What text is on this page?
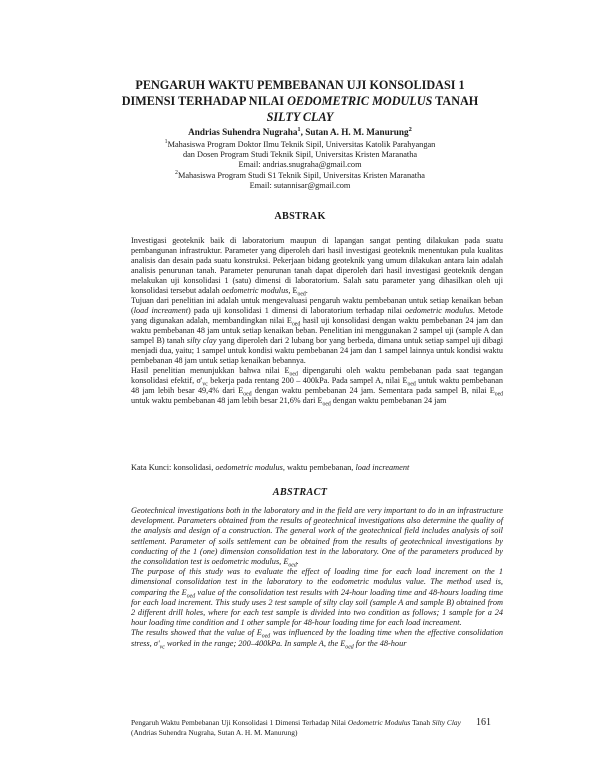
PENGARUH WAKTU PEMBEBANAN UJI KONSOLIDASI 1
DIMENSI TERHADAP NILAI OEDOMETRIC MODULUS TANAH
SILTY CLAY
Andrias Suhendra Nugraha$^1$, Sutan A. H. M. Manurung$^2$
$^1$Mahasiswa Program Doktor Ilmu Teknik Sipil, Universitas Katolik Parahyangan
dan Dosen Program Studi Teknik Sipil, Universitas Kristen Maranatha
Email: andrias.snugraha@gmail.com
$^2$Mahasiswa Program Studi S1 Teknik Sipil, Universitas Kristen Maranatha
Email: sutannisar@gmail.com
ABSTRAK

Investigasi geoteknik baik di laboratorium maupun di lapangan sangat penting dilakukan pada suatu pembangunan infrastruktur. Parameter yang diperoleh dari hasil investigasi geoteknik menentukan pula kualitas analisis dan desain pada suatu konstruksi. Pekerjaan bidang geoteknik yang umum dilakukan antara lain adalah analisis penurunan tanah. Parameter penurunan tanah dapat diperoleh dari hasil investigasi geoteknik dengan melakukan uji konsolidasi 1 (satu) dimensi di laboratorium. Salah satu parameter yang dihasilkan oleh uji konsolidasi tersebut adalah oedometric modulus, $E_{oed}$.

Tujuan dari penelitian ini adalah untuk mengevaluasi pengaruh waktu pembebanan untuk setiap kenaikan beban (load increament) pada uji konsolidasi 1 dimensi di laboratorium terhadap nilai oedometric modulus. Metode yang digunakan adalah, membandingkan nilai $E_{oed}$ hasil uji konsolidasi dengan waktu pembebanan 24 jam dan waktu pembebanan 48 jam untuk setiap kenaikan beban. Penelitian ini menggunakan 2 sampel uji (sample A dan sampel B) tanah silty clay yang diperoleh dari 2 lubang bor yang berbeda, dimana untuk setiap sampel uji dibagi menjadi dua, yaitu; 1 sampel untuk kondisi waktu pembebanan 24 jam dan 1 sampel lainnya untuk kondisi waktu pembebanan 48 jam untuk setiap kenaikan bebannya.

Hasil penelitian menunjukkan bahwa nilai $E_{oed}$ dipengaruhi oleh waktu pembebanan pada saat tegangan konsolidasi efektif, $\sigma'_{vc}$ bekerja pada rentang 200 – 400kPa. Pada sampel A, nilai $E_{oed}$ untuk waktu pembebanan 48 jam lebih besar 49,4% dari $E_{oed}$ dengan waktu pembebanan 24 jam. Sementara pada sampel B, nilai $E_{oed}$ untuk waktu pembebanan 48 jam lebih besar 21,6% dari $E_{oed}$ dengan waktu pembebanan 24 jam

Kata Kunci: konsolidasi, oedometric modulus, waktu pembebanan, load increament
ABSTRACT

Geotechnical investigations both in the laboratory and in the field are very important to do in an infrastructure development. Parameters obtained from the results of geotechnical investigations also determine the quality of the analysis and design of a construction. The general work of the geotechnical field includes analysis of soil settlement. Parameter of soils settlement can be obtained from the results of geotechnical investigations by conducting of the 1 (one) dimension consolidation test in the laboratory. One of the parameters produced by the consolidation test is oedometric modulus, $E_{oed}$.

The purpose of this study was to evaluate the effect of loading time for each load increment on the 1 dimensional consolidation test in the laboratory to the eodometric modulus value. The method used is, comparing the $E_{oed}$ value of the consolidation test results with 24-hour loading time and 48-hours loading time for each load increment. This study uses 2 test sample of silty clay soil (sample A and sample B) obtained from 2 different drill holes, where for each test sample is divided into two condition as follows; 1 sample for a 24 hour loading time condition and 1 other sample for 48-hour loading time for each load increament.

The results showed that the value of $E_{oed}$ was influenced by the loading time when the effective consolidation stress, $\sigma'_{vc}$ worked in the range; 200–400kPa. In sample A, the $E_{oed}$ for the 48-hour

Pengaruh Waktu Pembebanan Uji Konsolidasi 1 Dimensi Terhadap Nilai Oedometric Modulus Tanah Silty Clay
(Andrias Suhendra Nugraha, Sutan A. H. M. Manurung)
161
